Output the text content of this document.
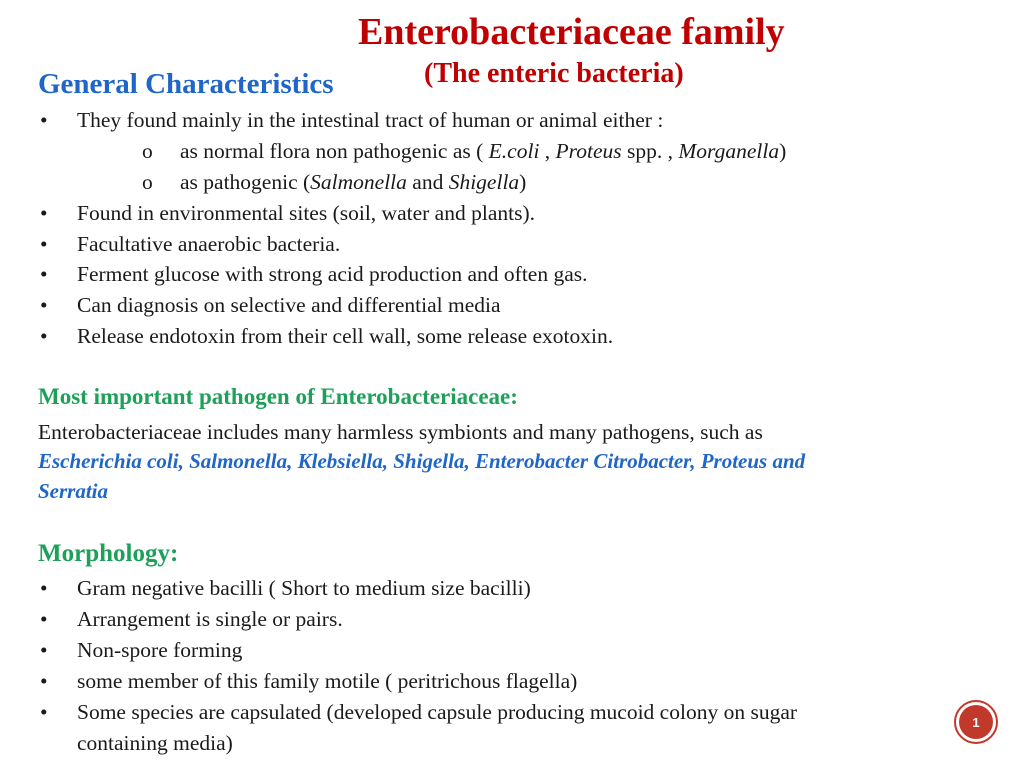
Enterobacteriaceae family
(The enteric bacteria)
General Characteristics
• They found mainly in the intestinal tract of human or animal either :
o as normal flora non pathogenic as ( E.coli , Proteus spp. , Morganella)
o as pathogenic (Salmonella and Shigella)
• Found in environmental sites (soil, water and plants).
• Facultative anaerobic bacteria.
• Ferment glucose with strong acid production and often gas.
• Can diagnosis on selective and differential media
• Release endotoxin from their cell wall, some release exotoxin.
Most important pathogen of Enterobacteriaceae:
Enterobacteriaceae includes many harmless symbionts and many pathogens, such as
Escherichia coli, Salmonella, Klebsiella, Shigella, Enterobacter Citrobacter, Proteus and
Serratia
Morphology:
• Gram negative bacilli ( Short to medium size bacilli)
• Arrangement is single or pairs.
• Non-spore forming
• some member of this family motile ( peritrichous flagella)
• Some species are capsulated (developed capsule producing mucoid colony on sugar
containing media)
1
